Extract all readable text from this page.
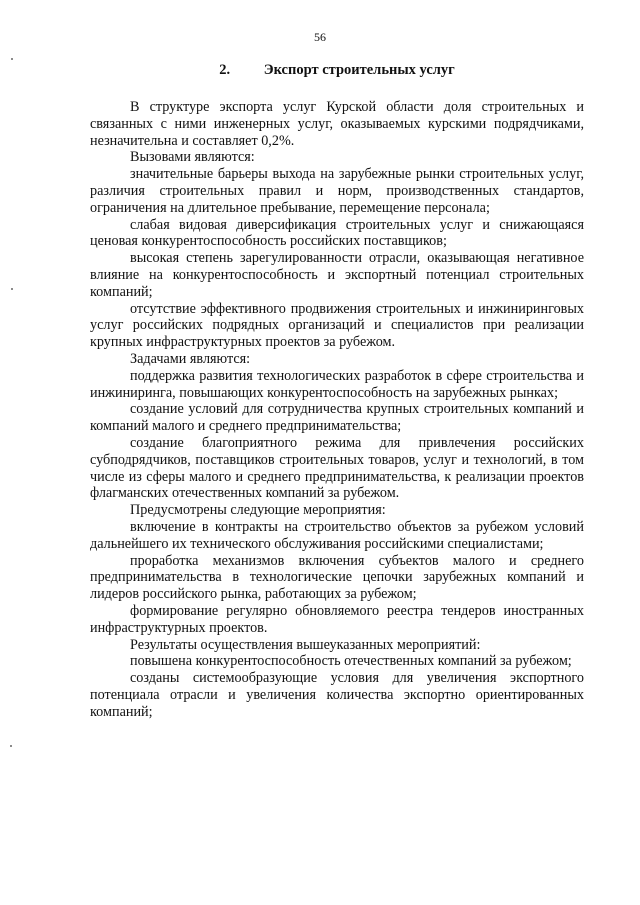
56
2. Экспорт строительных услуг

В структуре экспорта услуг Курской области доля строительных и связанных с ними инженерных услуг, оказываемых курскими подрядчиками, незначительна и составляет 0,2%.

Вызовами являются:

значительные барьеры выхода на зарубежные рынки строительных услуг, различия строительных правил и норм, производственных стандартов, ограничения на длительное пребывание, перемещение персонала;

слабая видовая диверсификация строительных услуг и снижающаяся ценовая конкурентоспособность российских поставщиков;

высокая степень зарегулированности отрасли, оказывающая негативное влияние на конкурентоспособность и экспортный потенциал строительных компаний;

отсутствие эффективного продвижения строительных и инжиниринговых услуг российских подрядных организаций и специалистов при реализации крупных инфраструктурных проектов за рубежом.

Задачами являются:

поддержка развития технологических разработок в сфере строительства и инжиниринга, повышающих конкурентоспособность на зарубежных рынках;

создание условий для сотрудничества крупных строительных компаний и компаний малого и среднего предпринимательства;

создание благоприятного режима для привлечения российских субподрядчиков, поставщиков строительных товаров, услуг и технологий, в том числе из сферы малого и среднего предпринимательства, к реализации проектов флагманских отечественных компаний за рубежом.

Предусмотрены следующие мероприятия:

включение в контракты на строительство объектов за рубежом условий дальнейшего их технического обслуживания российскими специалистами;

проработка механизмов включения субъектов малого и среднего предпринимательства в технологические цепочки зарубежных компаний и лидеров российского рынка, работающих за рубежом;

формирование регулярно обновляемого реестра тендеров иностранных инфраструктурных проектов.

Результаты осуществления вышеуказанных мероприятий:

повышена конкурентоспособность отечественных компаний за рубежом;

созданы системообразующие условия для увеличения экспортного потенциала отрасли и увеличения количества экспортно ориентированных компаний;
